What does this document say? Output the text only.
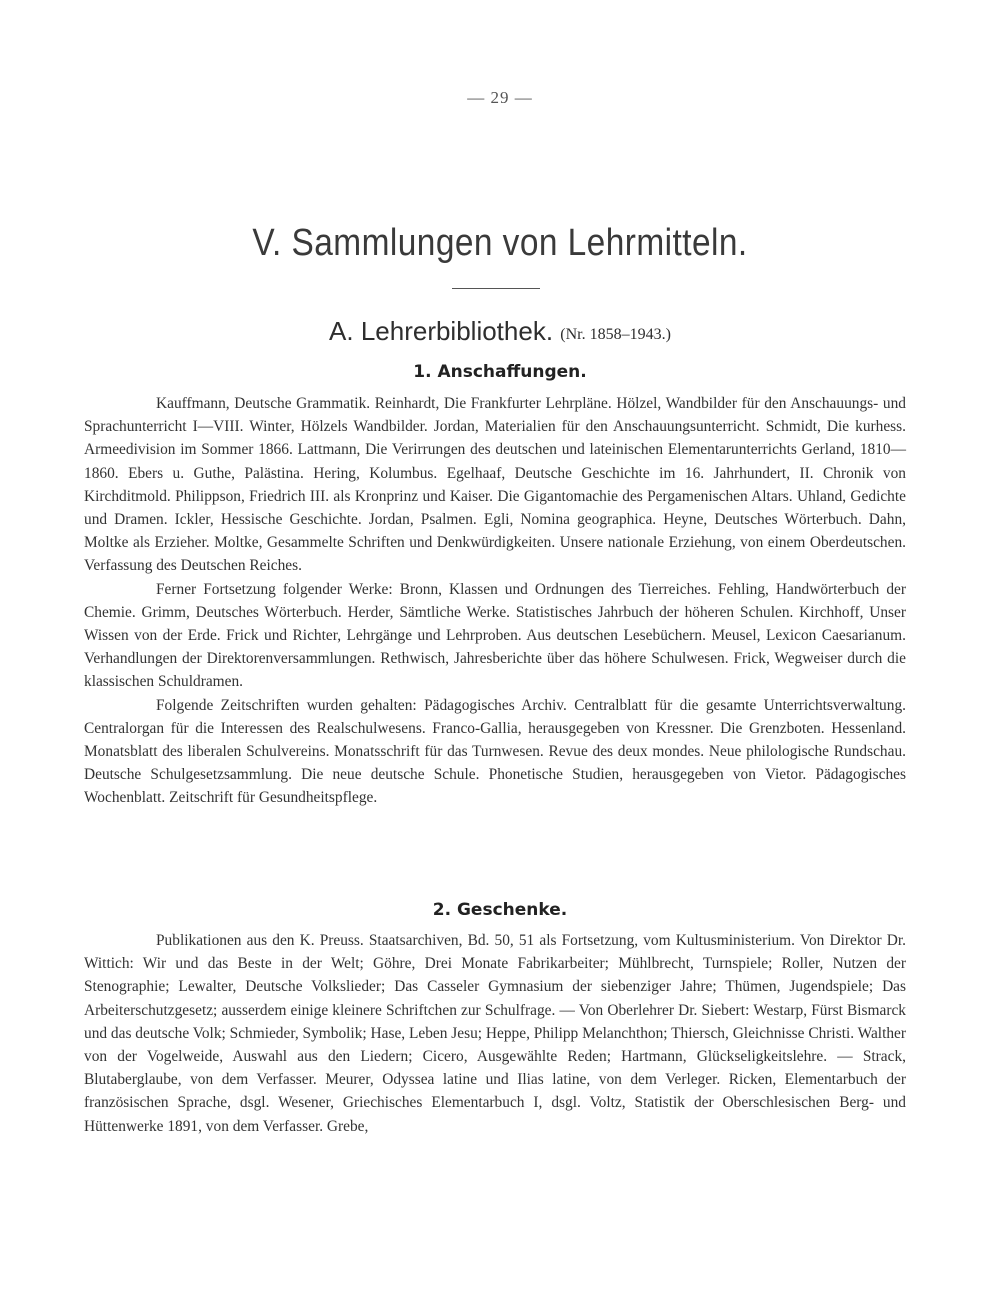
— 29 —
V. Sammlungen von Lehrmitteln.
A. Lehrerbibliothek. (Nr. 1858–1943.)
1. Anschaffungen.

Kauffmann, Deutsche Grammatik. Reinhardt, Die Frankfurter Lehrpläne. Hölzel, Wandbilder für den Anschauungs- und Sprachunterricht I—VIII. Winter, Hölzels Wandbilder. Jordan, Materialien für den Anschauungsunterricht. Schmidt, Die kurhess. Armeedivision im Sommer 1866. Lattmann, Die Verirrungen des deutschen und lateinischen Elementarunterrichts Gerland, 1810—1860. Ebers u. Guthe, Palästina. Hering, Kolumbus. Egelhaaf, Deutsche Geschichte im 16. Jahrhundert, II. Chronik von Kirchditmold. Philippson, Friedrich III. als Kronprinz und Kaiser. Die Gigantomachie des Pergamenischen Altars. Uhland, Gedichte und Dramen. Ickler, Hessische Geschichte. Jordan, Psalmen. Egli, Nomina geographica. Heyne, Deutsches Wörterbuch. Dahn, Moltke als Erzieher. Moltke, Gesammelte Schriften und Denkwürdigkeiten. Unsere nationale Erziehung, von einem Oberdeutschen. Verfassung des Deutschen Reiches.

Ferner Fortsetzung folgender Werke: Bronn, Klassen und Ordnungen des Tierreiches. Fehling, Handwörterbuch der Chemie. Grimm, Deutsches Wörterbuch. Herder, Sämtliche Werke. Statistisches Jahrbuch der höheren Schulen. Kirchhoff, Unser Wissen von der Erde. Frick und Richter, Lehrgänge und Lehrproben. Aus deutschen Lesebüchern. Meusel, Lexicon Caesarianum. Verhandlungen der Direktorenversammlungen. Rethwisch, Jahresberichte über das höhere Schulwesen. Frick, Wegweiser durch die klassischen Schuldramen.

Folgende Zeitschriften wurden gehalten: Pädagogisches Archiv. Centralblatt für die gesamte Unterrichtsverwaltung. Centralorgan für die Interessen des Realschulwesens. Franco-Gallia, herausgegeben von Kressner. Die Grenzboten. Hessenland. Monatsblatt des liberalen Schulvereins. Monatsschrift für das Turnwesen. Revue des deux mondes. Neue philologische Rundschau. Deutsche Schulgesetzsammlung. Die neue deutsche Schule. Phonetische Studien, herausgegeben von Vietor. Pädagogisches Wochenblatt. Zeitschrift für Gesundheitspflege.

2. Geschenke.

Publikationen aus den K. Preuss. Staatsarchiven, Bd. 50, 51 als Fortsetzung, vom Kultusministerium. Von Direktor Dr. Wittich: Wir und das Beste in der Welt; Göhre, Drei Monate Fabrikarbeiter; Mühlbrecht, Turnspiele; Roller, Nutzen der Stenographie; Lewalter, Deutsche Volkslieder; Das Casseler Gymnasium der siebenziger Jahre; Thümen, Jugendspiele; Das Arbeiterschutzgesetz; ausserdem einige kleinere Schriftchen zur Schulfrage. — Von Oberlehrer Dr. Siebert: Westarp, Fürst Bismarck und das deutsche Volk; Schmieder, Symbolik; Hase, Leben Jesu; Heppe, Philipp Melanchthon; Thiersch, Gleichnisse Christi. Walther von der Vogelweide, Auswahl aus den Liedern; Cicero, Ausgewählte Reden; Hartmann, Glückseligkeitslehre. — Strack, Blutaberglaube, von dem Verfasser. Meurer, Odyssea latine und Ilias latine, von dem Verleger. Ricken, Elementarbuch der französischen Sprache, dsgl. Wesener, Griechisches Elementarbuch I, dsgl. Voltz, Statistik der Oberschlesischen Berg- und Hüttenwerke 1891, von dem Verfasser. Grebe,
